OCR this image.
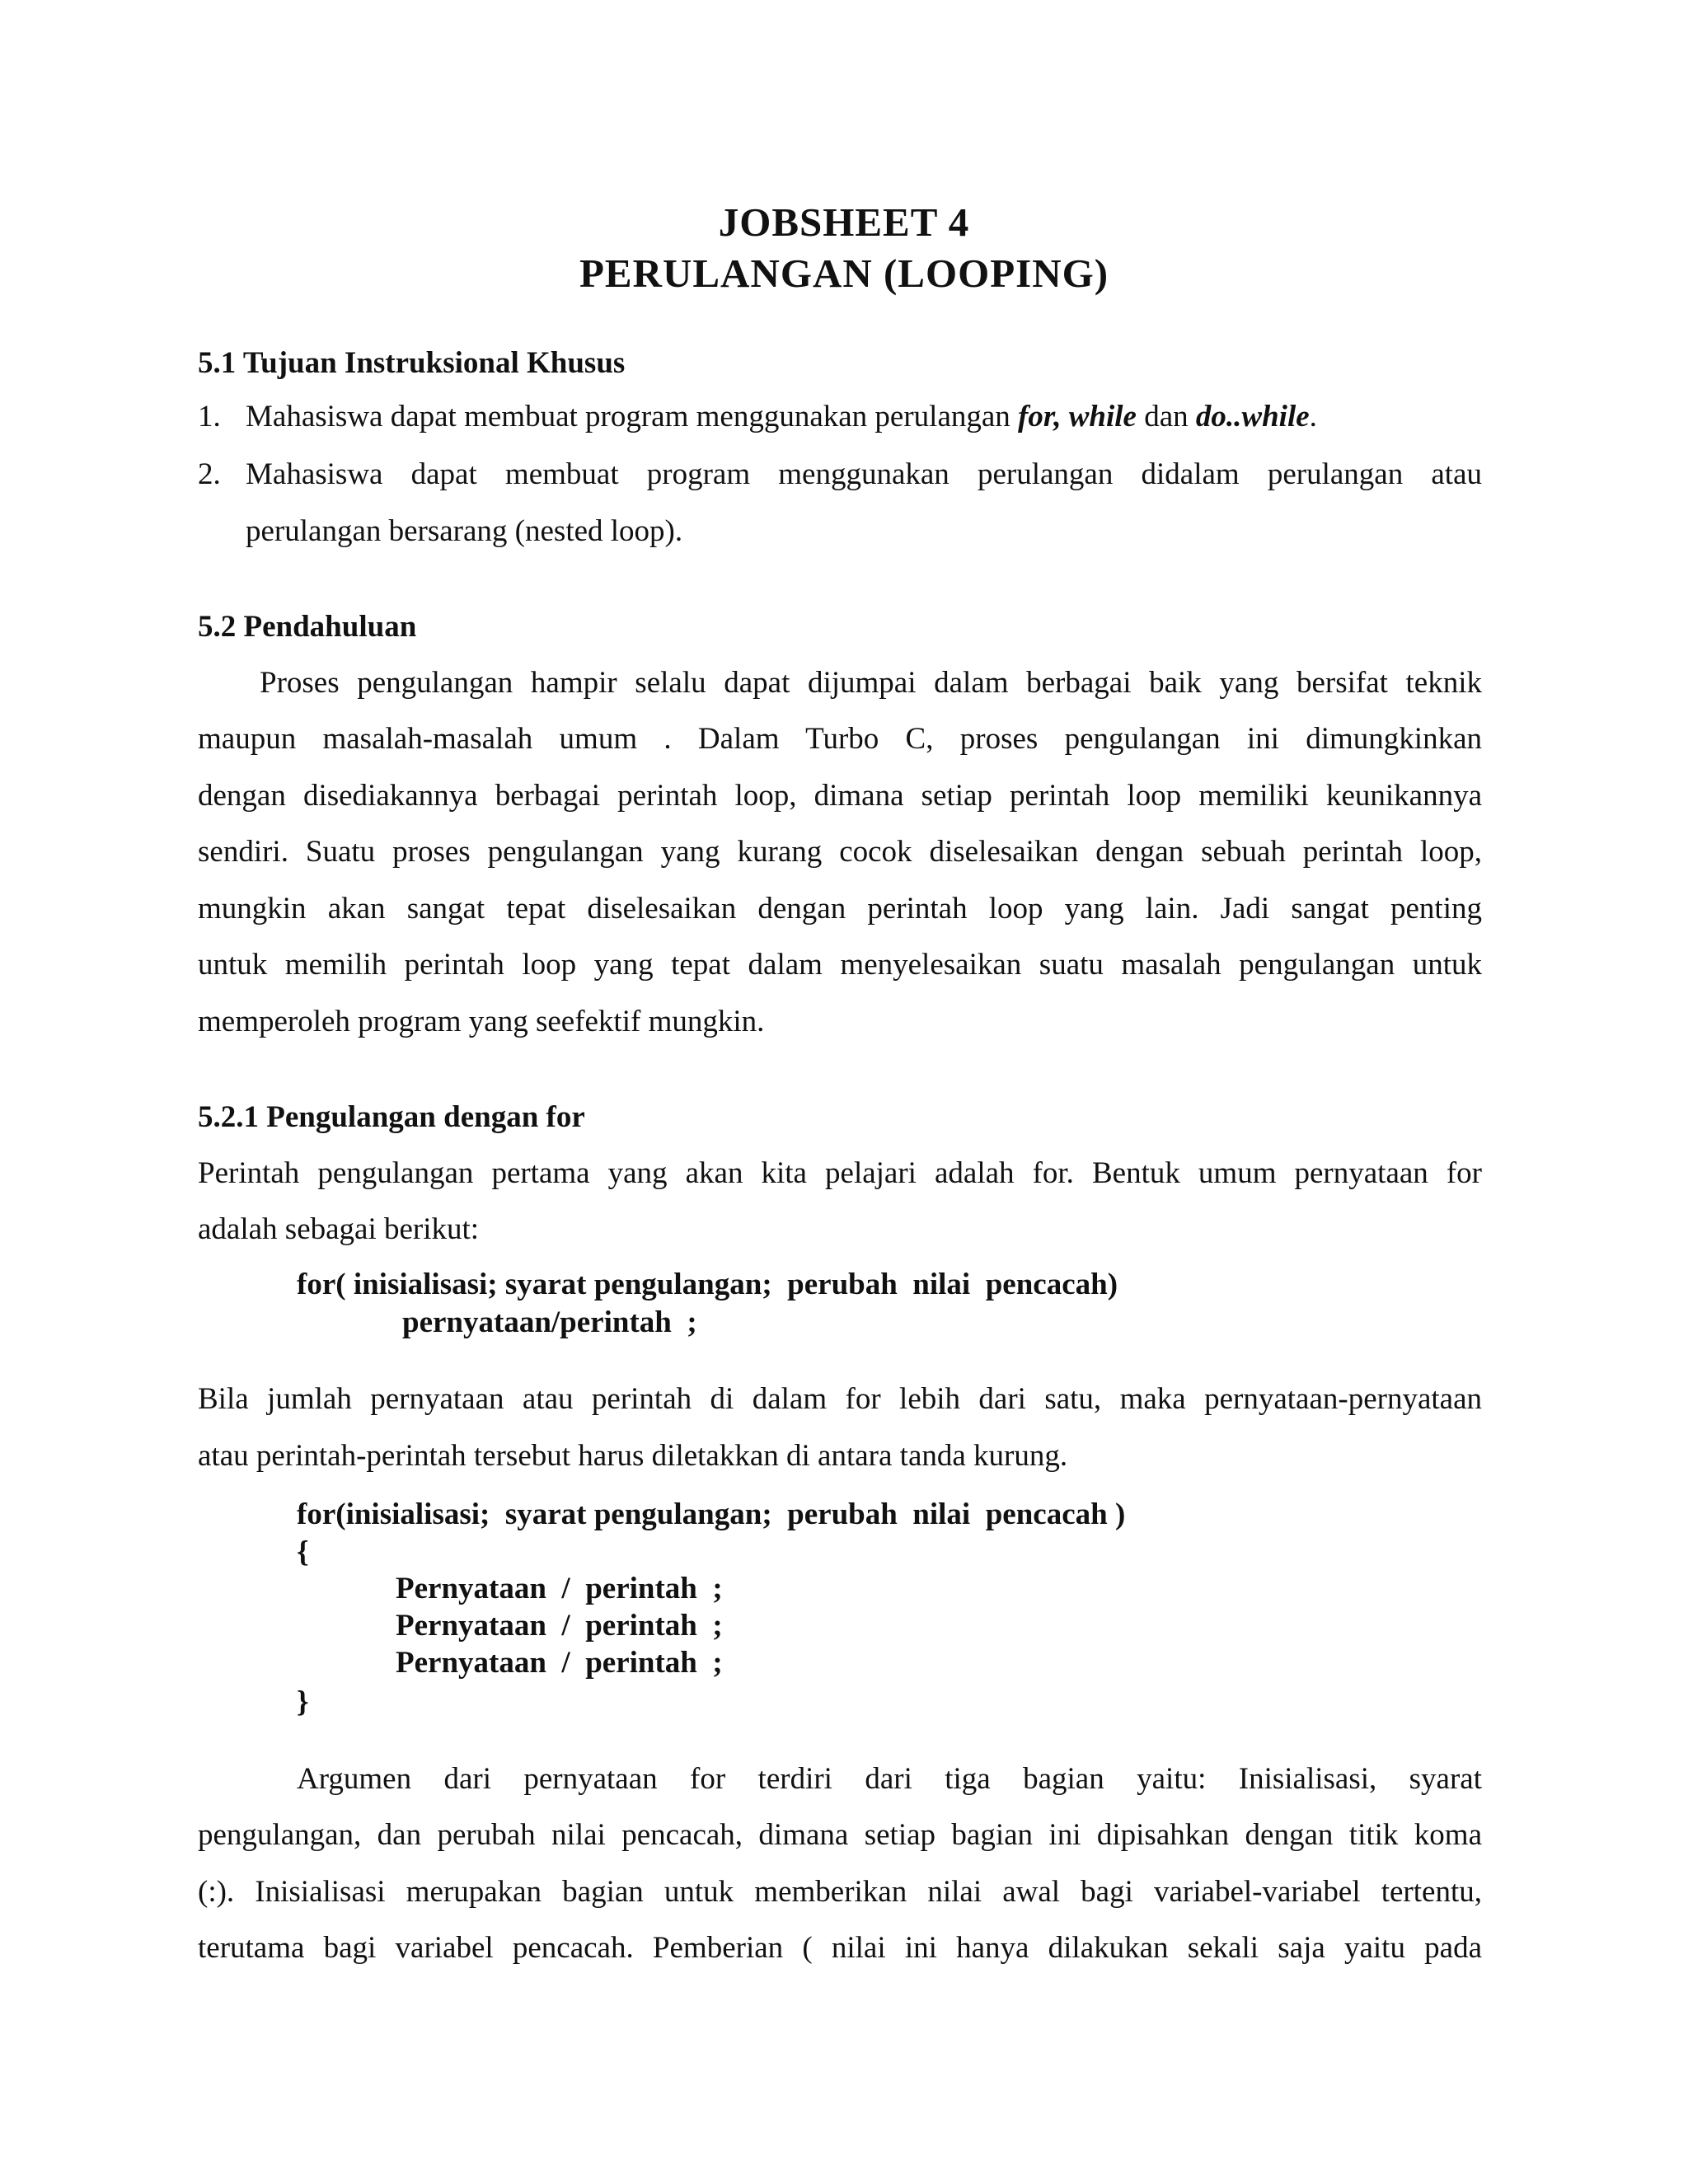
JOBSHEET 4
PERULANGAN (LOOPING)
5.1 Tujuan Instruksional Khusus
1. Mahasiswa dapat membuat program menggunakan perulangan for, while dan do..while.
2. Mahasiswa dapat membuat program menggunakan perulangan didalam perulangan atau
perulangan bersarang (nested loop).
5.2 Pendahuluan
Proses pengulangan hampir selalu dapat dijumpai dalam berbagai baik yang bersifat teknik
maupun masalah-masalah umum . Dalam Turbo C, proses pengulangan ini dimungkinkan
dengan disediakannya berbagai perintah loop, dimana setiap perintah loop memiliki keunikannya
sendiri. Suatu proses pengulangan yang kurang cocok diselesaikan dengan sebuah perintah loop,
mungkin akan sangat tepat diselesaikan dengan perintah loop yang lain. Jadi sangat penting
untuk memilih perintah loop yang tepat dalam menyelesaikan suatu masalah pengulangan untuk
memperoleh program yang seefektif mungkin.
5.2.1 Pengulangan dengan for
Perintah pengulangan pertama yang akan kita pelajari adalah for. Bentuk umum pernyataan for
adalah sebagai berikut:
for( inisialisasi; syarat pengulangan;  perubah  nilai  pencacah)
pernyataan/perintah  ;
Bila jumlah pernyataan atau perintah di dalam for lebih dari satu, maka pernyataan-pernyataan
atau perintah-perintah tersebut harus diletakkan di antara tanda kurung.
for(inisialisasi;  syarat pengulangan;  perubah  nilai  pencacah )
{
Pernyataan  /  perintah  ;
Pernyataan  /  perintah  ;
Pernyataan  /  perintah  ;
}
Argumen dari pernyataan for terdiri dari tiga bagian yaitu: Inisialisasi, syarat
pengulangan, dan perubah nilai pencacah, dimana setiap bagian ini dipisahkan dengan titik koma
(:). Inisialisasi merupakan bagian untuk memberikan nilai awal bagi variabel-variabel tertentu,
terutama bagi variabel pencacah. Pemberian ( nilai ini hanya dilakukan sekali saja yaitu pada
